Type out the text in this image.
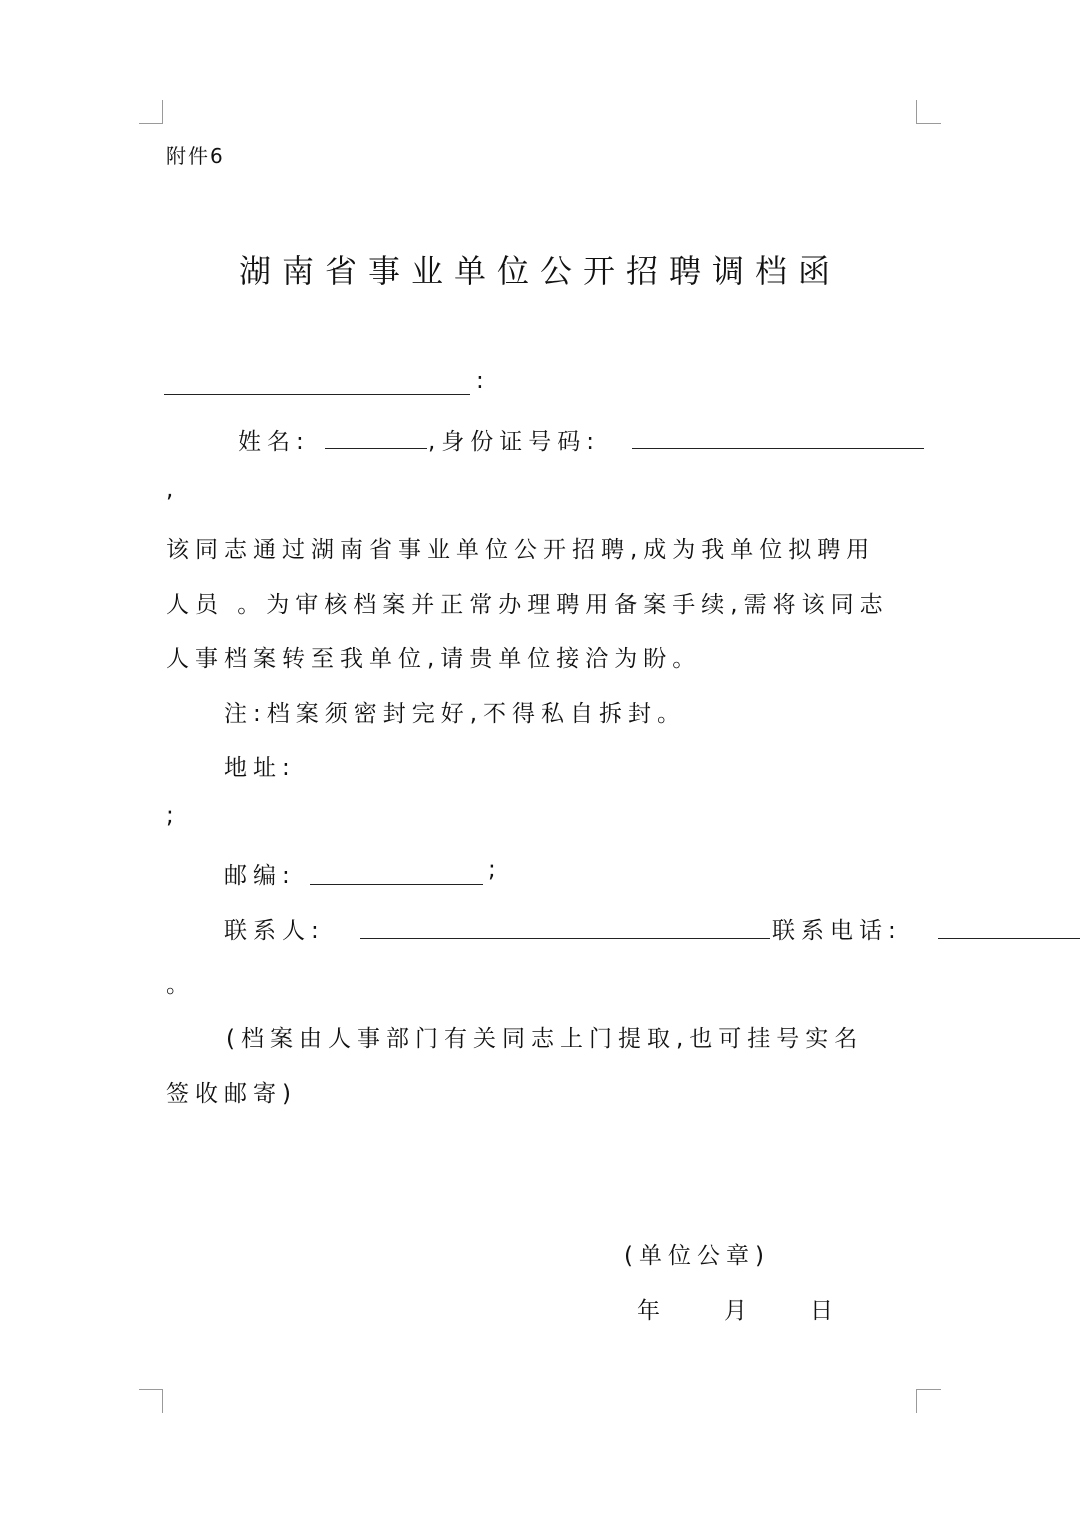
附件6
湖南省事业单位公开招聘调档函
:
姓名:	,身份证号码:
,
该同志通过湖南省事业单位公开招聘,成为我单位拟聘用
人员 。为审核档案并正常办理聘用备案手续,需将该同志
人事档案转至我单位,请贵单位接洽为盼。
注:档案须密封完好,不得私自拆封。
地址:
;
邮编:	;
联系人:	联系电话:
。
(档案由人事部门有关同志上门提取,也可挂号实名
签收邮寄)
(单位公章)
年	月 日
